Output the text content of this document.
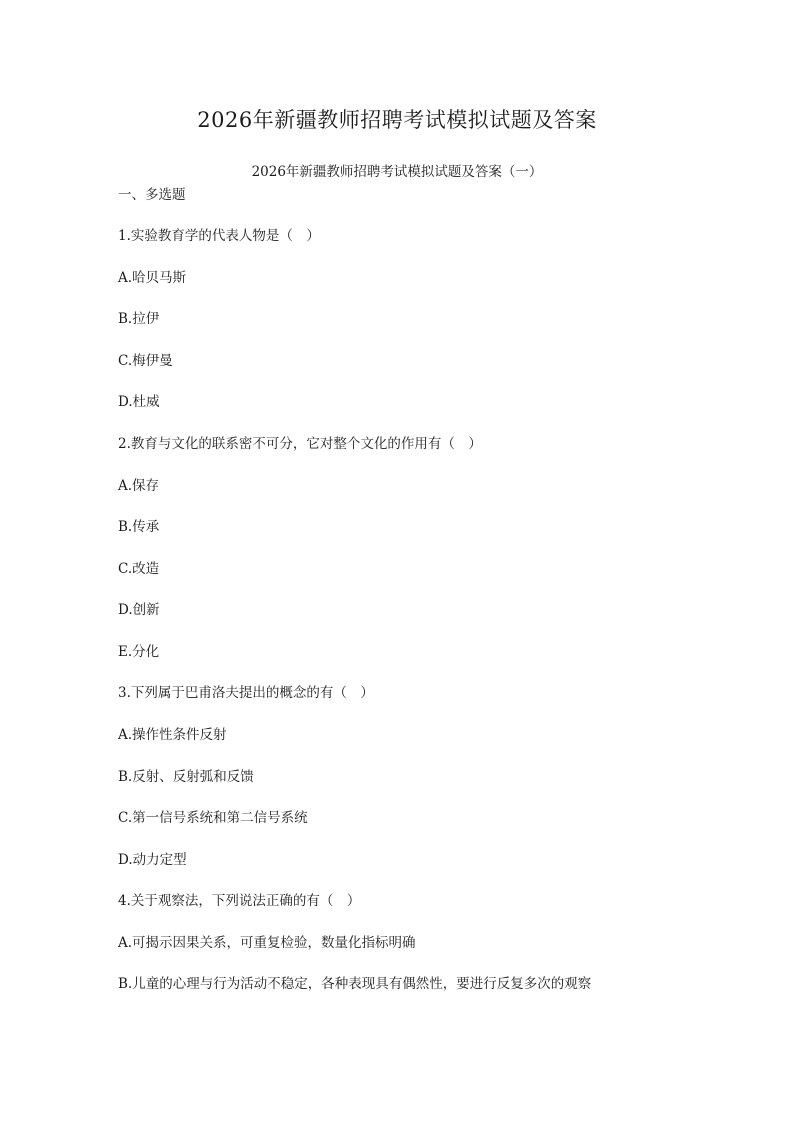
2026年新疆教师招聘考试模拟试题及答案
2026年新疆教师招聘考试模拟试题及答案（一）
一、多选题
1.实验教育学的代表人物是（　）
A.哈贝马斯
B.拉伊
C.梅伊曼
D.杜威
2.教育与文化的联系密不可分，它对整个文化的作用有（　）
A.保存
B.传承
C.改造
D.创新
E.分化
3.下列属于巴甫洛夫提出的概念的有（　）
A.操作性条件反射
B.反射、反射弧和反馈
C.第一信号系统和第二信号系统
D.动力定型
4.关于观察法，下列说法正确的有（　）
A.可揭示因果关系，可重复检验，数量化指标明确
B.儿童的心理与行为活动不稳定，各种表现具有偶然性，要进行反复多次的观察
